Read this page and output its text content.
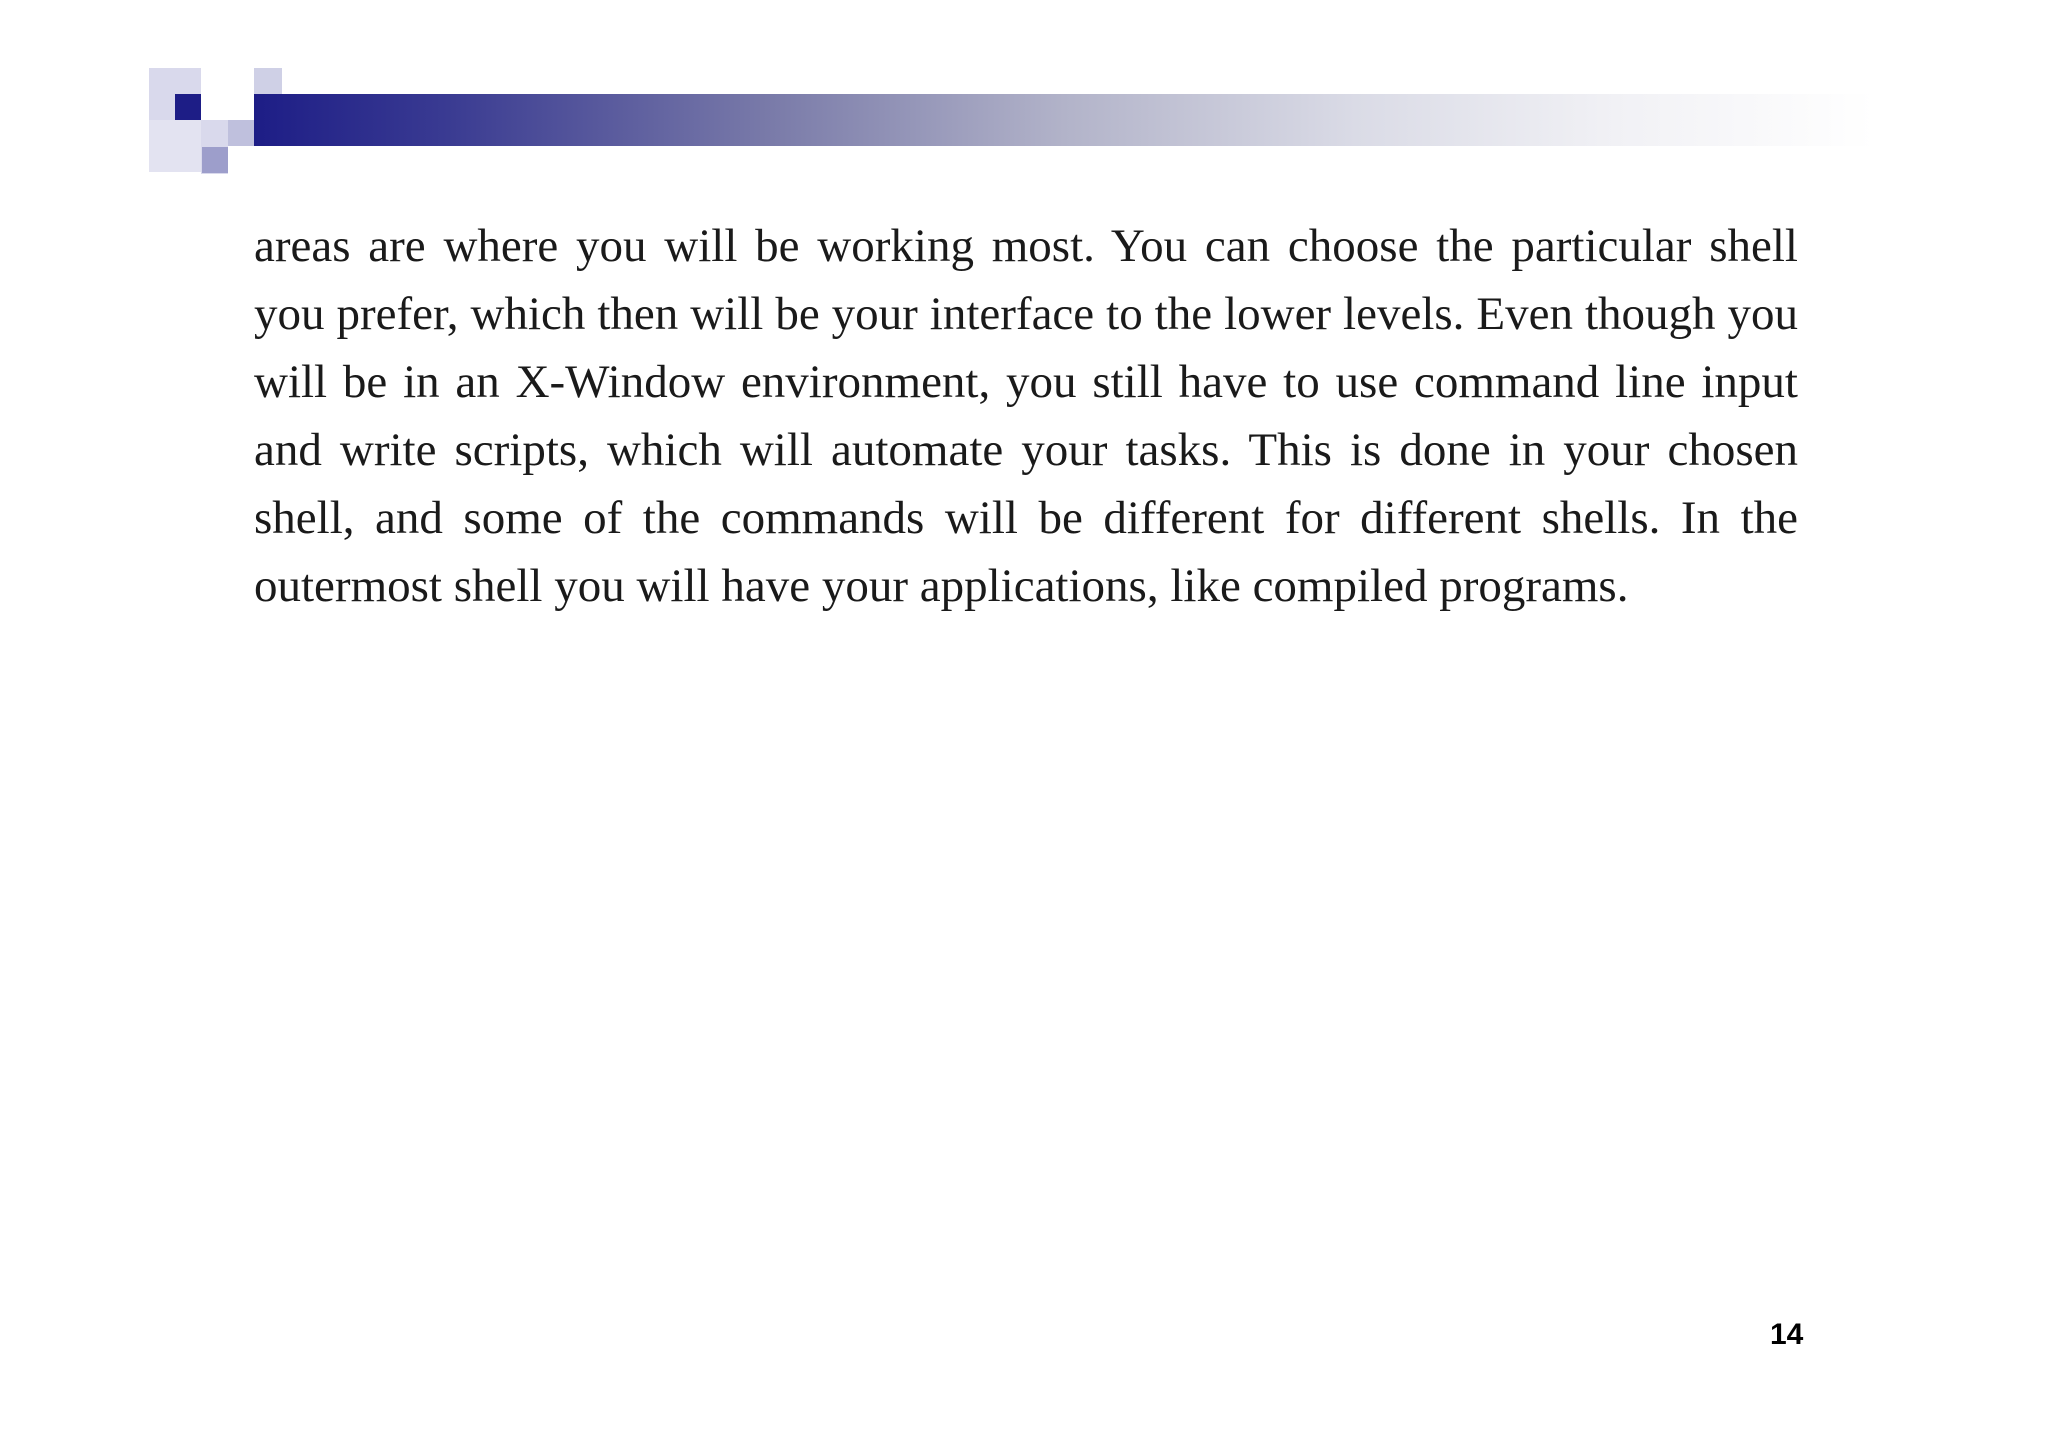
areas are where you will be working most. You can choose the particular shell you prefer, which then will be your interface to the lower levels. Even though you will be in an X-Window environment, you still have to use command line input and write scripts, which will automate your tasks. This is done in your chosen shell, and some of the commands will be different for different shells. In the outermost shell you will have your applications, like compiled programs.

14
